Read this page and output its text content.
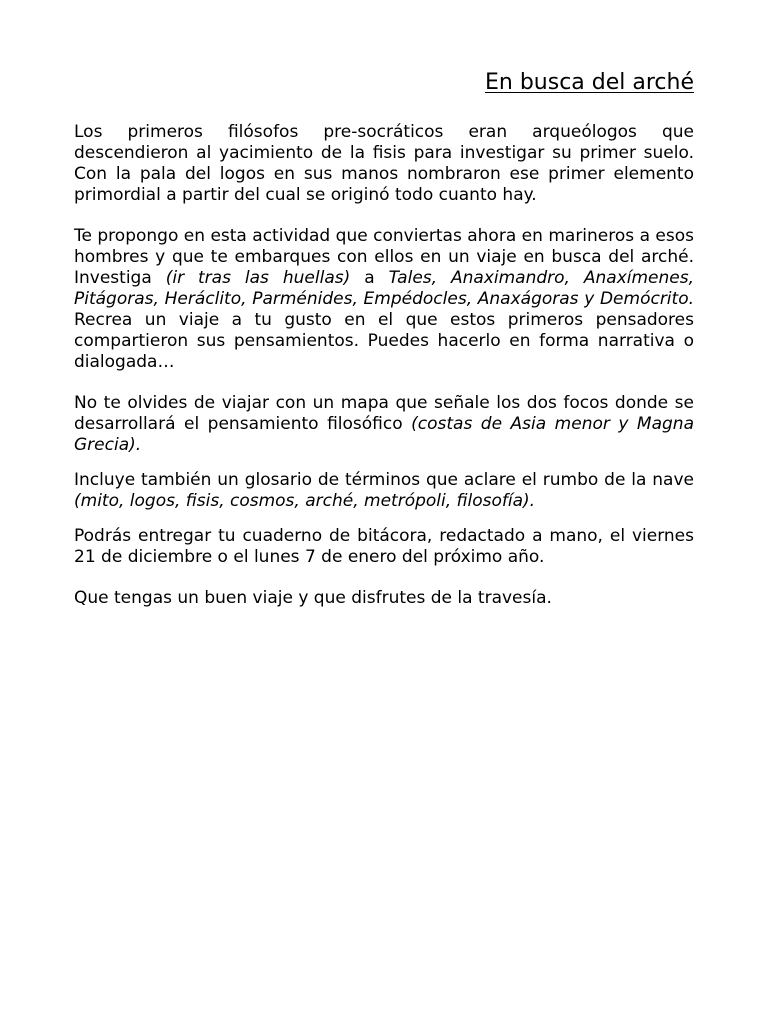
En busca del arché

Los primeros filósofos pre-socráticos eran arqueólogos que descendieron al yacimiento de la fisis para investigar su primer suelo. Con la pala del logos en sus manos nombraron ese primer elemento primordial a partir del cual se originó todo cuanto hay.

Te propongo en esta actividad que conviertas ahora en marineros a esos hombres y que te embarques con ellos en un viaje en busca del arché. Investiga (ir tras las huellas) a Tales, Anaximandro, Anaxímenes, Pitágoras, Heráclito, Parménides, Empédocles, Anaxágoras y Demócrito. Recrea un viaje a tu gusto en el que estos primeros pensadores compartieron sus pensamientos. Puedes hacerlo en forma narrativa o dialogada…

No te olvides de viajar con un mapa que señale los dos focos donde se desarrollará el pensamiento filosófico (costas de Asia menor y Magna Grecia).

Incluye también un glosario de términos que aclare el rumbo de la nave (mito, logos, fisis, cosmos, arché, metrópoli, filosofía).

Podrás entregar tu cuaderno de bitácora, redactado a mano, el viernes 21 de diciembre o el lunes 7 de enero del próximo año.

Que tengas un buen viaje y que disfrutes de la travesía.
